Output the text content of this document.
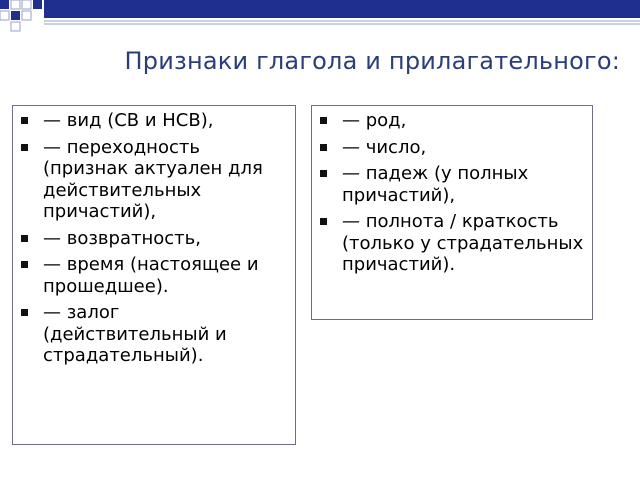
Признаки глагола и прилагательного:
— вид (СВ и НСВ),
— переходность (признак актуален для действительных причастий),
— возвратность,
— время (настоящее и прошедшее).
— залог (действительный и страдательный).
— род,
— число,
— падеж (у полных причастий),
— полнота / краткость (только у страдательных причастий).
